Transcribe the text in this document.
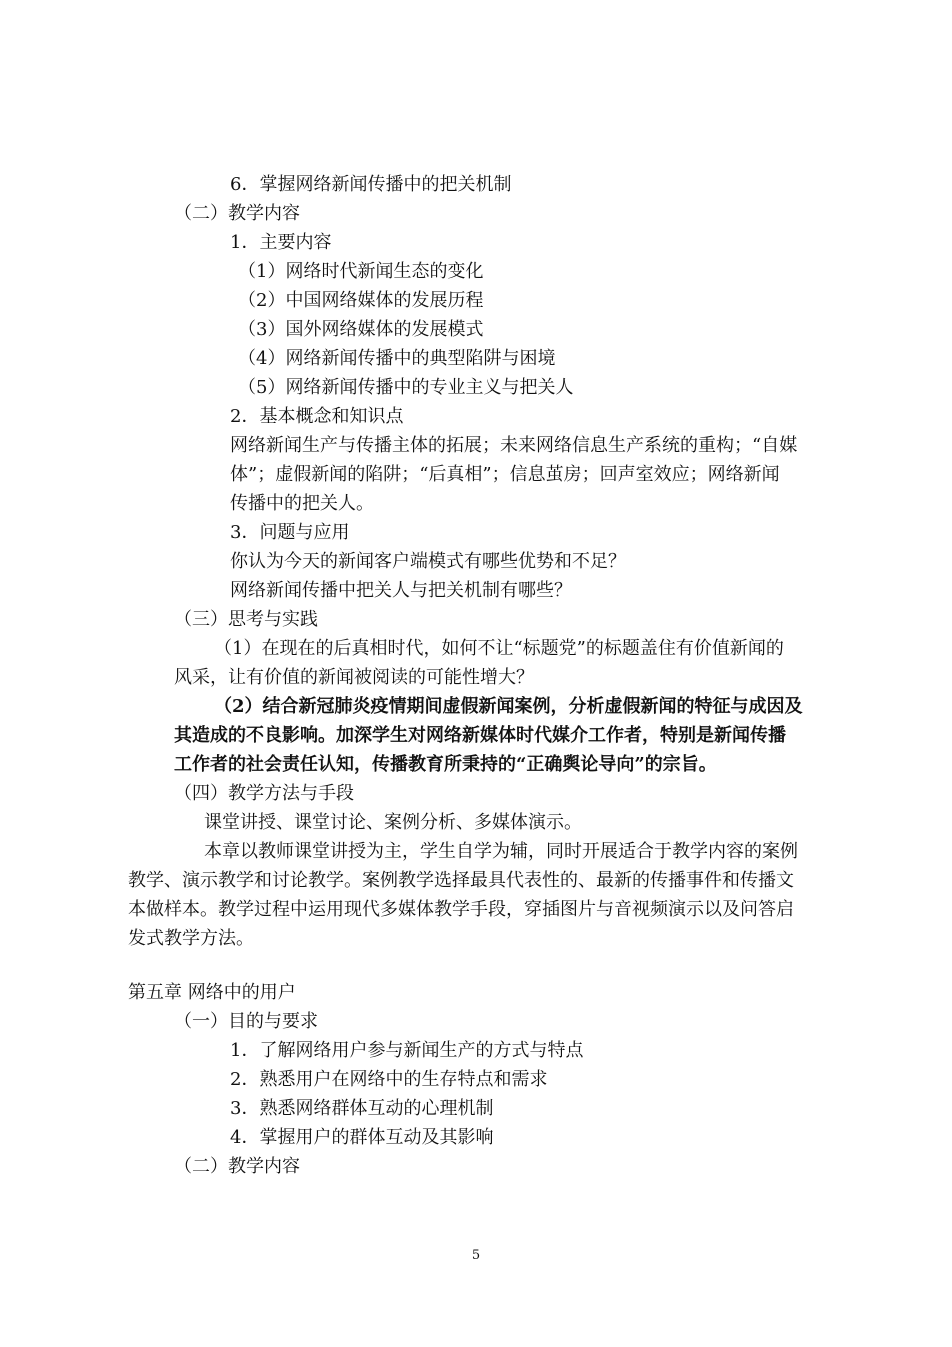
6．掌握网络新闻传播中的把关机制
（二）教学内容
1．主要内容
（1）网络时代新闻生态的变化
（2）中国网络媒体的发展历程
（3）国外网络媒体的发展模式
（4）网络新闻传播中的典型陷阱与困境
（5）网络新闻传播中的专业主义与把关人
2．基本概念和知识点
网络新闻生产与传播主体的拓展；未来网络信息生产系统的重构；“自媒
体”；虚假新闻的陷阱；“后真相”；信息茧房；回声室效应；网络新闻
传播中的把关人。
3．问题与应用
你认为今天的新闻客户端模式有哪些优势和不足？
网络新闻传播中把关人与把关机制有哪些？
（三）思考与实践
（1）在现在的后真相时代，如何不让“标题党”的标题盖住有价值新闻的
风采，让有价值的新闻被阅读的可能性增大？
（2）结合新冠肺炎疫情期间虚假新闻案例，分析虚假新闻的特征与成因及
其造成的不良影响。加深学生对网络新媒体时代媒介工作者，特别是新闻传播
工作者的社会责任认知，传播教育所秉持的“正确舆论导向”的宗旨。
（四）教学方法与手段
课堂讲授、课堂讨论、案例分析、多媒体演示。
本章以教师课堂讲授为主，学生自学为辅，同时开展适合于教学内容的案例
教学、演示教学和讨论教学。案例教学选择最具代表性的、最新的传播事件和传播文
本做样本。教学过程中运用现代多媒体教学手段，穿插图片与音视频演示以及问答启
发式教学方法。
第五章 网络中的用户
（一）目的与要求
1．了解网络用户参与新闻生产的方式与特点
2．熟悉用户在网络中的生存特点和需求
3．熟悉网络群体互动的心理机制
4．掌握用户的群体互动及其影响
（二）教学内容
5
